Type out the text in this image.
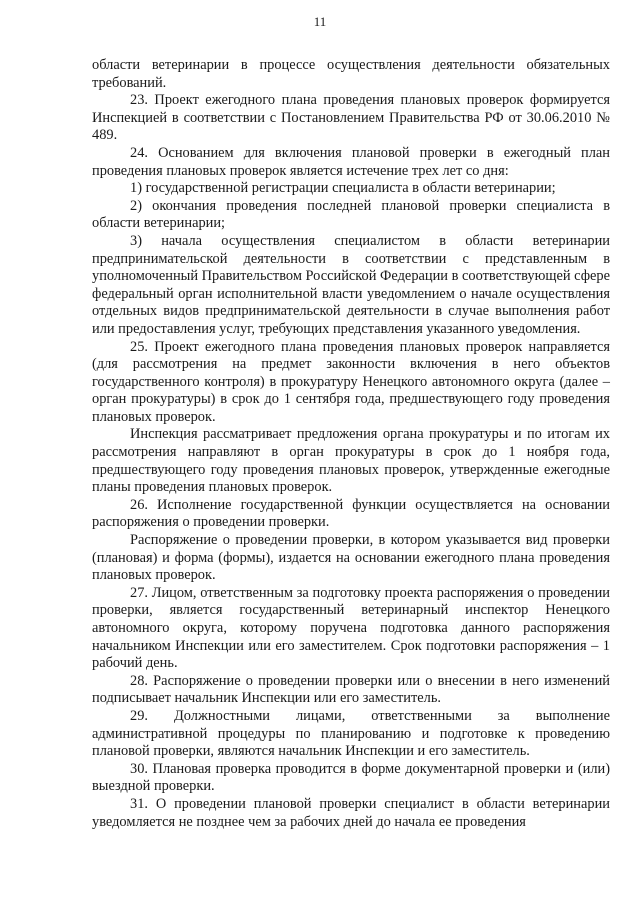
11

области ветеринарии в процессе осуществления деятельности обязательных требований.

23. Проект ежегодного плана проведения плановых проверок формируется Инспекцией в соответствии с Постановлением Правительства РФ от 30.06.2010 № 489.

24. Основанием для включения плановой проверки в ежегодный план проведения плановых проверок является истечение трех лет со дня:

1) государственной регистрации специалиста в области ветеринарии;

2) окончания проведения последней плановой проверки специалиста в области ветеринарии;

3) начала осуществления специалистом в области ветеринарии предпринимательской деятельности в соответствии с представленным в уполномоченный Правительством Российской Федерации в соответствующей сфере федеральный орган исполнительной власти уведомлением о начале осуществления отдельных видов предпринимательской деятельности в случае выполнения работ или предоставления услуг, требующих представления указанного уведомления.

25. Проект ежегодного плана проведения плановых проверок направляется (для рассмотрения на предмет законности включения в него объектов государственного контроля) в прокуратуру Ненецкого автономного округа (далее – орган прокуратуры) в срок до 1 сентября года, предшествующего году проведения плановых проверок.

Инспекция рассматривает предложения органа прокуратуры и по итогам их рассмотрения направляют в орган прокуратуры в срок до 1 ноября года, предшествующего году проведения плановых проверок, утвержденные ежегодные планы проведения плановых проверок.

26. Исполнение государственной функции осуществляется на основании распоряжения о проведении проверки.

Распоряжение о проведении проверки, в котором указывается вид проверки (плановая) и форма (формы), издается на основании ежегодного плана проведения плановых проверок.

27. Лицом, ответственным за подготовку проекта распоряжения о проведении проверки, является государственный ветеринарный инспектор Ненецкого автономного округа, которому поручена подготовка данного распоряжения начальником Инспекции или его заместителем. Срок подготовки распоряжения – 1 рабочий день.

28. Распоряжение о проведении проверки или о внесении в него изменений подписывает начальник Инспекции или его заместитель.

29. Должностными лицами, ответственными за выполнение административной процедуры по планированию и подготовке к проведению плановой проверки, являются начальник Инспекции и его заместитель.

30. Плановая проверка проводится в форме документарной проверки и (или) выездной проверки.

31. О проведении плановой проверки специалист в области ветеринарии уведомляется не позднее чем за рабочих дней до начала ее проведения
